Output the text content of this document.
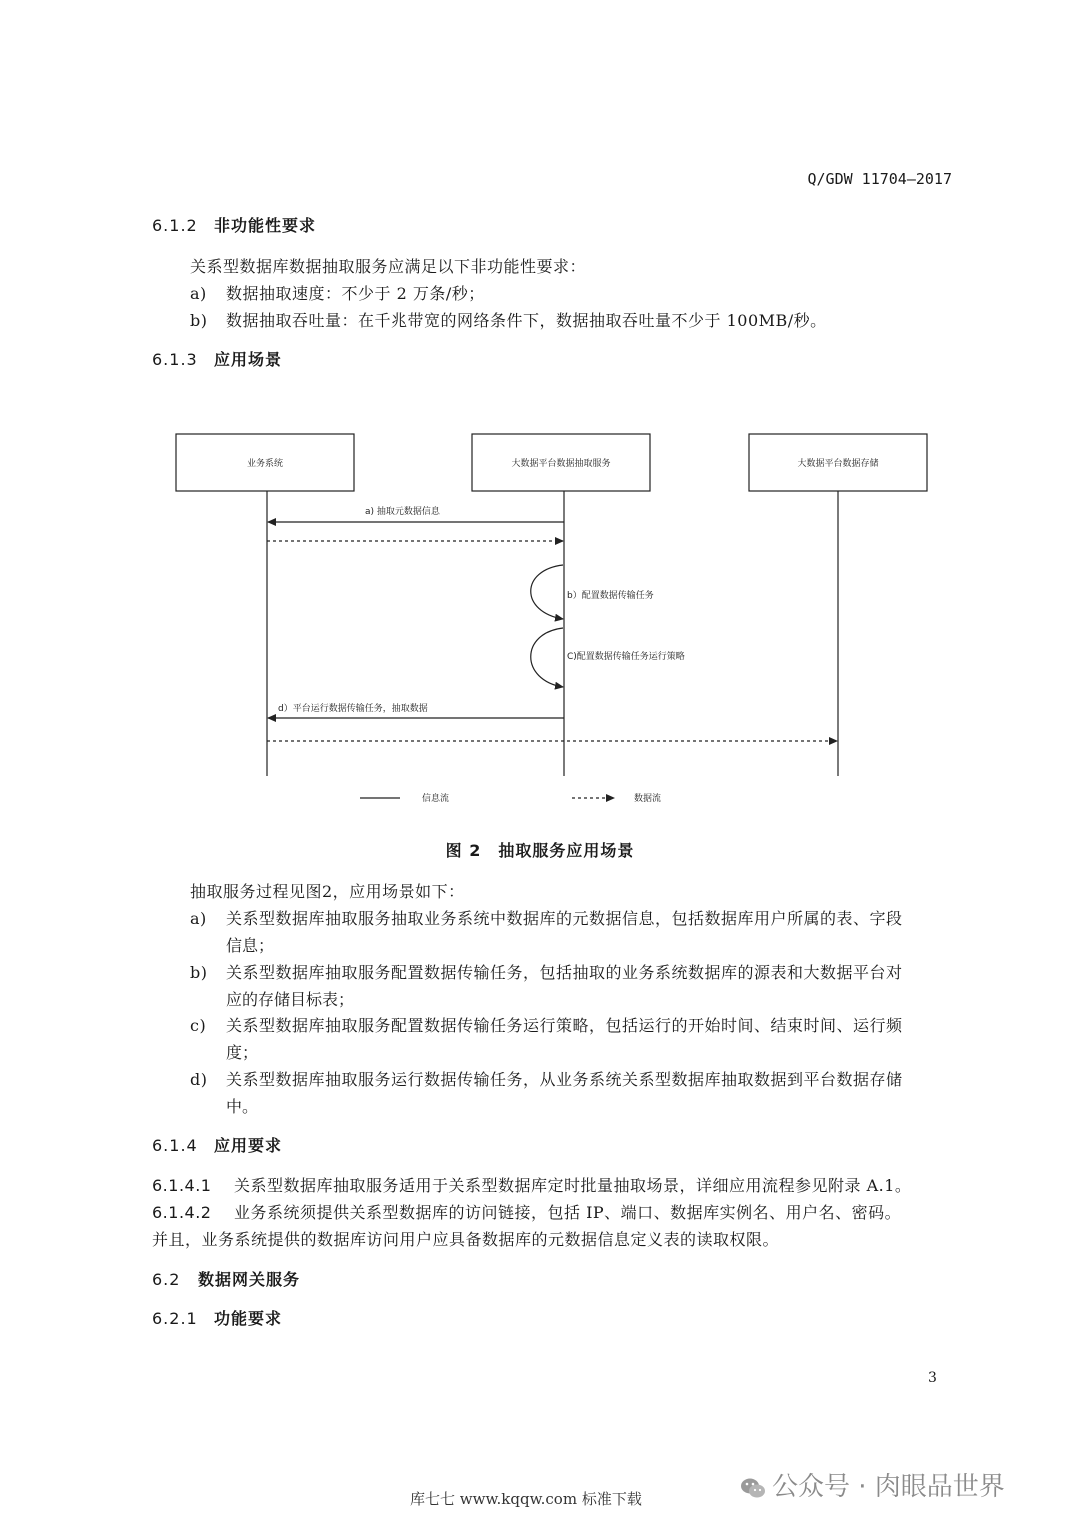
Q/GDW 11704—2017
6.1.2 非功能性要求
关系型数据库数据抽取服务应满足以下非功能性要求：
a) 数据抽取速度：不少于 2 万条/秒；
b) 数据抽取吞吐量：在千兆带宽的网络条件下，数据抽取吞吐量不少于 100MB/秒。
6.1.3 应用场景
业务系统	大数据平台数据抽取服务	大数据平台数据存储
a) 抽取元数据信息
b）配置数据传输任务
C)配置数据传输任务运行策略
d）平台运行数据传输任务，抽取数据
信息流	数据流
图 2　抽取服务应用场景
抽取服务过程见图2，应用场景如下：
a) 关系型数据库抽取服务抽取业务系统中数据库的元数据信息，包括数据库用户所属的表、字段
信息；
b) 关系型数据库抽取服务配置数据传输任务，包括抽取的业务系统数据库的源表和大数据平台对
应的存储目标表；
c) 关系型数据库抽取服务配置数据传输任务运行策略，包括运行的开始时间、结束时间、运行频
度；
d) 关系型数据库抽取服务运行数据传输任务，从业务系统关系型数据库抽取数据到平台数据存储
中。
6.1.4 应用要求
6.1.4.1 关系型数据库抽取服务适用于关系型数据库定时批量抽取场景，详细应用流程参见附录 A.1。
6.1.4.2 业务系统须提供关系型数据库的访问链接，包括 IP、端口、数据库实例名、用户名、密码。
并且，业务系统提供的数据库访问用户应具备数据库的元数据信息定义表的读取权限。
6.2 数据网关服务
6.2.1 功能要求
3
库七七 www.kqqw.com 标准下载	公众号 · 肉眼品世界
